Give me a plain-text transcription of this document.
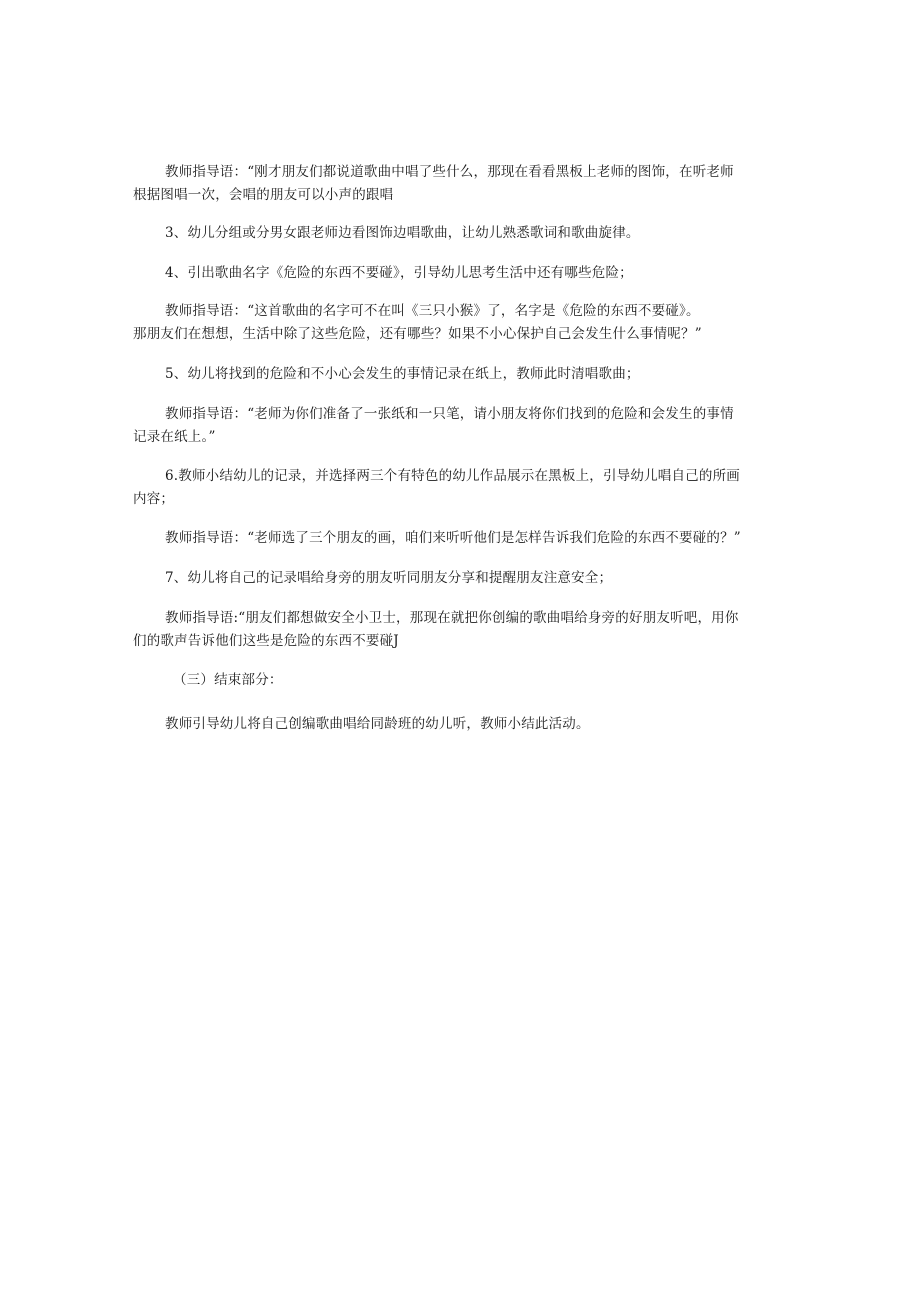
教师指导语：“刚才朋友们都说道歌曲中唱了些什么，那现在看看黑板上老师的图饰，在听老师
根据图唱一次，会唱的朋友可以小声的跟唱

3、幼儿分组或分男女跟老师边看图饰边唱歌曲，让幼儿熟悉歌词和歌曲旋律。

4、引出歌曲名字《危险的东西不要碰》，引导幼儿思考生活中还有哪些危险；

教师指导语：“这首歌曲的名字可不在叫《三只小猴》了，名字是《危险的东西不要碰》。
那朋友们在想想，生活中除了这些危险，还有哪些？如果不小心保护自己会发生什么事情呢？”

5、幼儿将找到的危险和不小心会发生的事情记录在纸上，教师此时清唱歌曲；

教师指导语：“老师为你们准备了一张纸和一只笔，请小朋友将你们找到的危险和会发生的事情
记录在纸上。”

6.教师小结幼儿的记录，并选择两三个有特色的幼儿作品展示在黑板上，引导幼儿唱自己的所画
内容；

教师指导语：“老师选了三个朋友的画，咱们来听听他们是怎样告诉我们危险的东西不要碰的？”

7、幼儿将自己的记录唱给身旁的朋友听同朋友分享和提醒朋友注意安全；

教师指导语:“朋友们都想做安全小卫士，那现在就把你创编的歌曲唱给身旁的好朋友听吧，用你
们的歌声告诉他们这些是危险的东西不要碰J

（三）结束部分：

教师引导幼儿将自己创编歌曲唱给同龄班的幼儿听，教师小结此活动。
